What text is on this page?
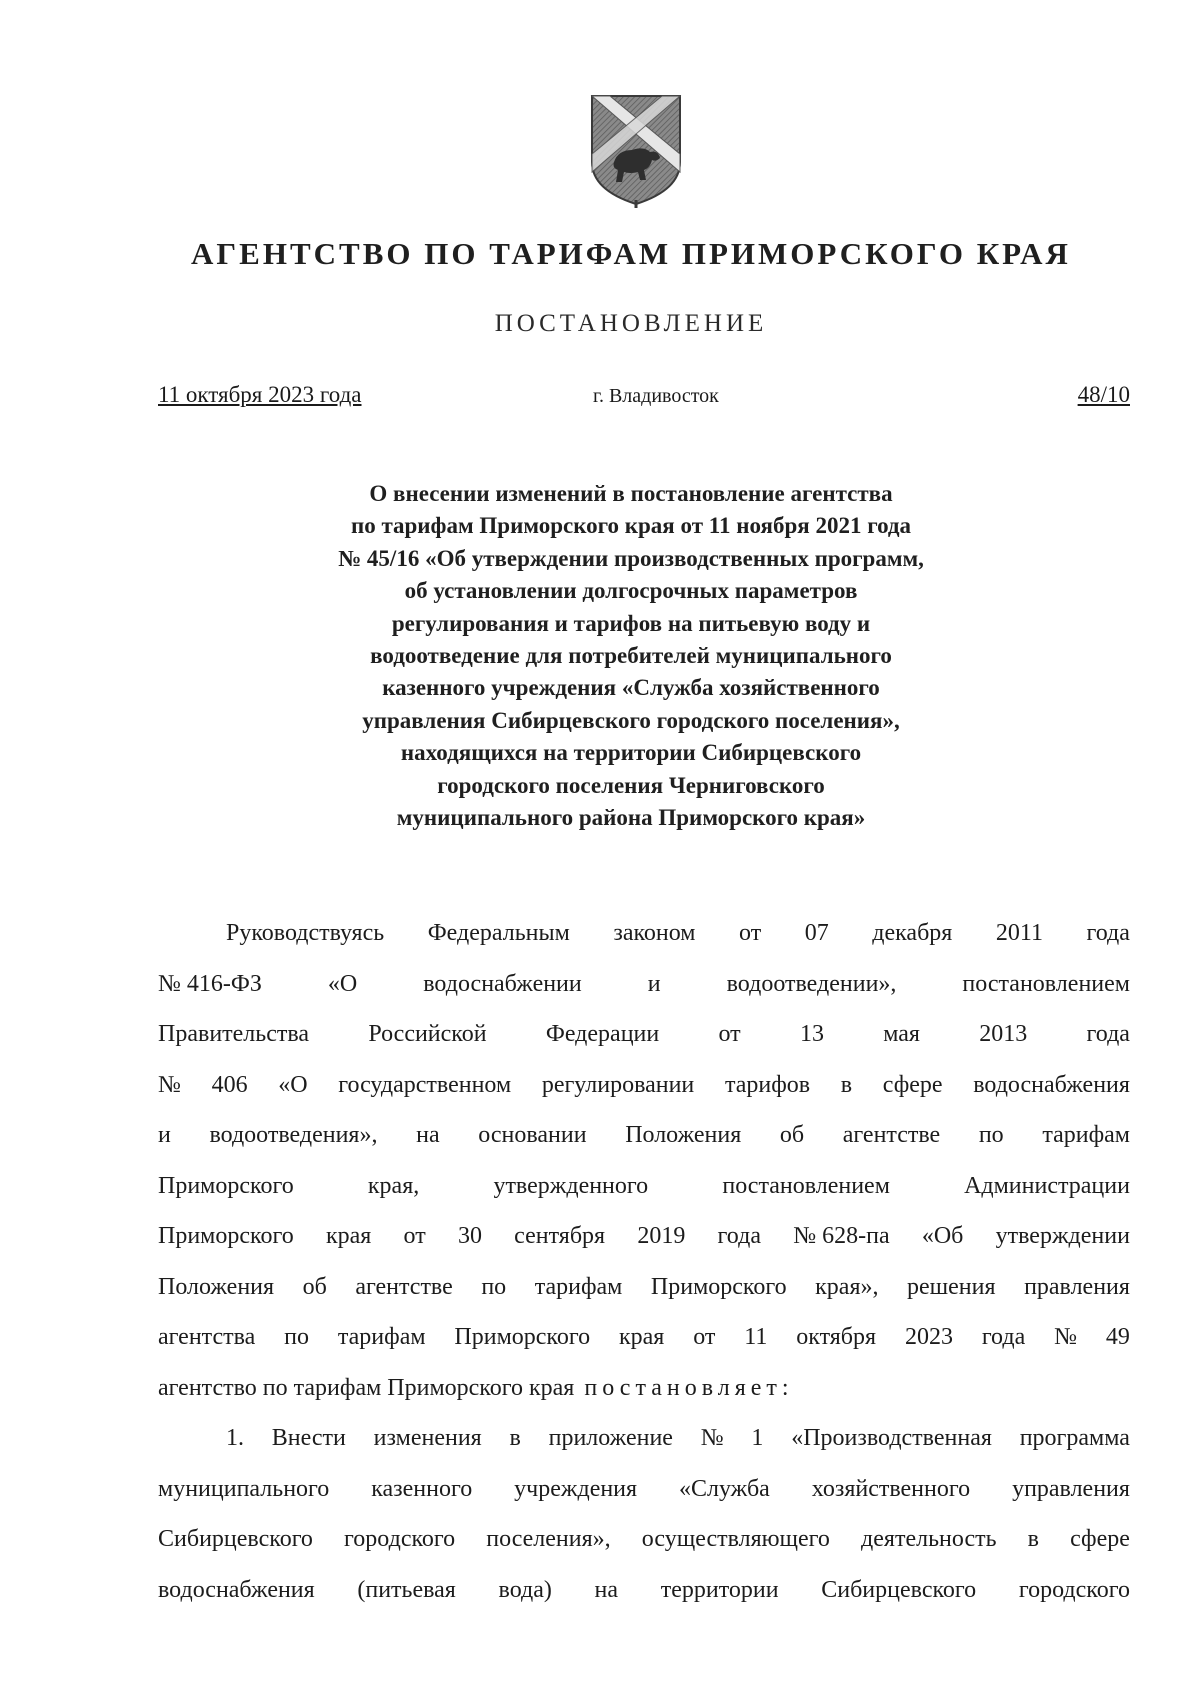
АГЕНТСТВО ПО ТАРИФАМ ПРИМОРСКОГО КРАЯ
ПОСТАНОВЛЕНИЕ
11 октября 2023 года	г. Владивосток	48/10
О внесении изменений в постановление агентства
по тарифам Приморского края от 11 ноября 2021 года
№ 45/16 «Об утверждении производственных программ,
об установлении долгосрочных параметров
регулирования и тарифов на питьевую воду и
водоотведение для потребителей муниципального
казенного учреждения «Служба хозяйственного
управления Сибирцевского городского поселения»,
находящихся на территории Сибирцевского
городского поселения Черниговского
муниципального района Приморского края»
Руководствуясь Федеральным законом от 07 декабря 2011 года
№ 416-ФЗ	«О	водоснабжении	и	водоотведении»,	постановлением
Правительства Российской Федерации от 13 мая 2013 года
№ 406 «О государственном регулировании тарифов в сфере водоснабжения
и водоотведения», на основании Положения об агентстве по тарифам
Приморского	края,	утвержденного	постановлением	Администрации
Приморского края от 30 сентября 2019 года № 628-па «Об утверждении
Положения об агентстве по тарифам Приморского края», решения правления
агентства по тарифам Приморского края от 11 октября 2023 года № 49
агентство по тарифам Приморского края постановляет:
1. Внести изменения в приложение № 1 «Производственная программа
муниципального казенного учреждения «Служба хозяйственного управления
Сибирцевского городского поселения», осуществляющего деятельность в сфере
водоснабжения (питьевая вода) на территории Сибирцевского городского
